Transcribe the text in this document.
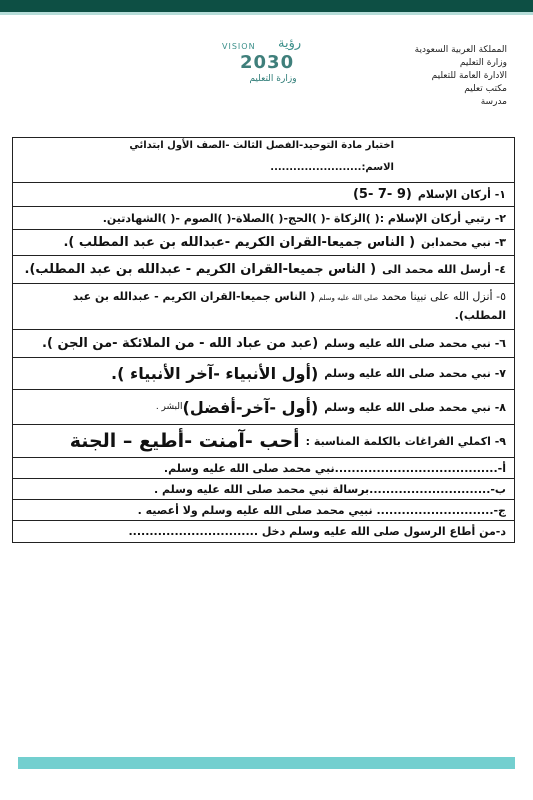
المملكة العربية السعودية
وزارة التعليم
الادارة العامة للتعليم
مكتب تعليم
مدرسة
VISION رؤية
2030
وزارة التعليم
اختبار مادة التوحيد-الفصل الثالث -الصف الأول ابتدائي
الاسم:........................
١- أركان الإسلام
(9 -7 -5)
٢- رتبي أركان الإسلام :( )الزكاة -( )الحج-( )الصلاة-( )الصوم -( )الشهادتين.
٣- نبي محمدابن
( الناس جميعا-القران الكريم -عبدالله بن عبد المطلب ).
٤- أرسل الله محمد الى
( الناس جميعا-القران الكريم - عبدالله بن عبد المطلب).
٥- أنزل الله على نبينا محمد صلى الله عليه وسلم ( الناس جميعا-القران الكريم - عبدالله بن عبد المطلب).
٦- نبي محمد صلى الله عليه وسلم
(عبد من عباد الله - من الملائكة -من الجن ).
٧- نبي محمد صلى الله عليه وسلم
(أول الأنبياء -آخر الأنبياء ).
٨- نبي محمد صلى الله عليه وسلم
(أول -آخر-أفضل)
البشر .
٩- اكملي الفراغات بالكلمة المناسبة :
أحب -آمنت -أطيع – الجنة
أ-.......................................نبي محمد صلى الله عليه وسلم.
ب-.............................برسالة نبي محمد صلى الله عليه وسلم .
ج-............................ نبيي محمد صلى الله عليه وسلم ولا أعصيه .
د-من أطاع الرسول صلى الله عليه وسلم دخل ...............................
